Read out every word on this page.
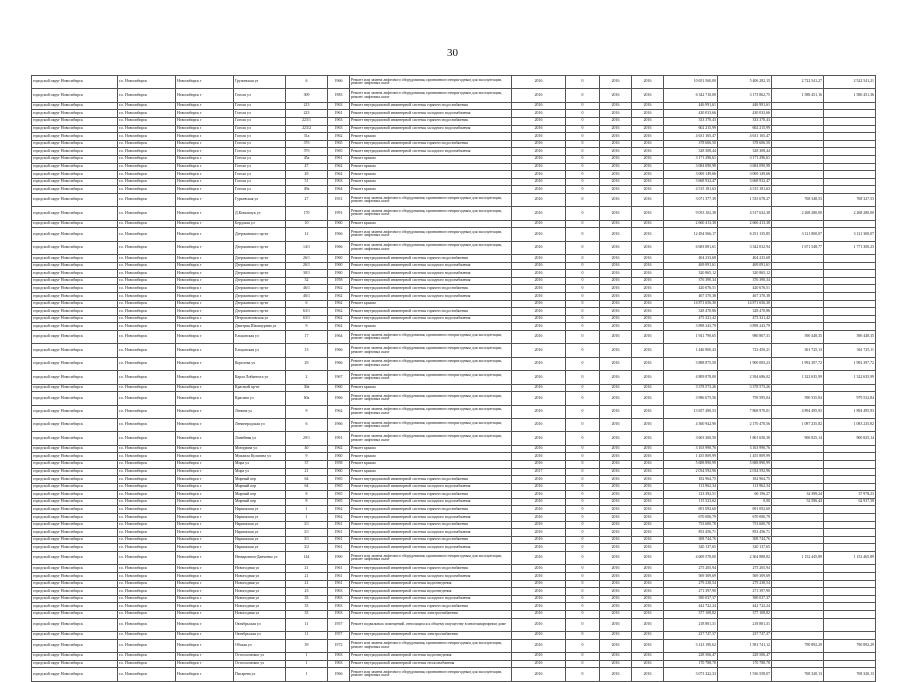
30
городской округ Новосибирск	г.о. Новосибирск	Новосибирск г	Грузинская ул	6	1966	Ремонт или замена лифтового оборудования, признанного непригодным для эксплуатации, ремонт лифтовых шахт	2016	0	2016	2016	10 651 560,00	5 406 282,15	2 722 541,27	2 522 541,21
городской округ Новосибирск	г.о. Новосибирск	Новосибирск г	Гоголя ул	309	1983	Ремонт или замена лифтового оборудования, признанного непригодным для эксплуатации, ремонт лифтовых шахт	2016	0	2016	2016	6 342 710,00	3 173 862,75	1 588 451,16	1 580 451,36
городской округ Новосибирск	г.о. Новосибирск	Новосибирск г	Гоголя ул	213	1963	Ремонт внутридомовой инженерной системы горячего водоснабжения	2016	0	2016	2016	446 991,61	446 991,61		
городской округ Новосибирск	г.о. Новосибирск	Новосибирск г	Гоголя ул	223	1961	Ремонт внутридомовой инженерной системы холодного водоснабжения	2016	0	2016	2016	430 033,66	430 033,66		
городской округ Новосибирск	г.о. Новосибирск	Новосибирск г	Гоголя ул	223/1	1963	Ремонт внутридомовой инженерной системы горячего водоснабжения	2016	0	2016	2016	333 370,43	333 370,43		
городской округ Новосибирск	г.о. Новосибирск	Новосибирск г	Гоголя ул	223/2	1963	Ремонт внутридомовой инженерной системы холодного водоснабжения	2016	0	2016	2016	602 215,99	602 215,99		
городской округ Новосибирск	г.о. Новосибирск	Новосибирск г	Гоголя ул	31а	1962	Ремонт крыши	2016	0	2016	2016	4 631 165,47	4 631 165,47		
городской округ Новосибирск	г.о. Новосибирск	Новосибирск г	Гоголя ул	37б	1965	Ремонт внутридомовой инженерной системы горячего водоснабжения	2016	0	2016	2016	378 606,50	378 606,50		
городской округ Новосибирск	г.о. Новосибирск	Новосибирск г	Гоголя ул	37б	1965	Ремонт внутридомовой инженерной системы холодного водоснабжения	2016	0	2016	2016	328 308,44	328 308,44		
городской округ Новосибирск	г.о. Новосибирск	Новосибирск г	Гоголя ул	45а	1961	Ремонт крыши	2016	0	2016	2016	3 171 296,61	3 171 296,61		
городской округ Новосибирск	г.о. Новосибирск	Новосибирск г	Гоголя ул	47	1962	Ремонт крыши	2016	0	2016	2016	3 684 090,98	3 684 090,98		
городской округ Новосибирск	г.о. Новосибирск	Новосибирск г	Гоголя ул	49	1962	Ремонт крыши	2016	0	2016	2016	3 069 149,66	3 069 149,66		
городской округ Новосибирск	г.о. Новосибирск	Новосибирск г	Гоголя ул	51	1963	Ремонт крыши	2016	0	2016	2016	3 668 932,47	3 668 932,47		
городской округ Новосибирск	г.о. Новосибирск	Новосибирск г	Гоголя ул	49а	1964	Ремонт крыши	2016	0	2016	2016	4 515 181,63	4 515 181,63		
городской округ Новосибирск	г.о. Новосибирск	Новосибирск г	Гурьевская ул	27	1951	Ремонт или замена лифтового оборудования, признанного непригодным для эксплуатации, ремонт лифтовых шахт	2016	0	2016	2016	3 071 377,39	1 535 678,27	768 348,53	768 327,53
городской округ Новосибирск	г.о. Новосибирск	Новосибирск г	Д.Ковальчук ул	170	1991	Ремонт или замена лифтового оборудования, признанного непригодным для эксплуатации, ремонт лифтовых шахт	2016	0	2016	2016	9 053 102,38	4 517 632,38	2 268 280,00	2 268 280,00
городской округ Новосибирск	г.о. Новосибирск	Новосибирск г	Бердская ул	10	1960	Ремонт крыши	2016	0	2016	2016	2 660 413,38	2 660 413,38		
городской округ Новосибирск	г.о. Новосибирск	Новосибирск г	Дзержинского пр-кт	12	1966	Ремонт или замена лифтового оборудования, признанного непригодным для эксплуатации, ремонт лифтовых шахт	2016	0	2016	2016	12 494 566,17	6 251 135,85	3 121 800,07	3 121 300,07
городской округ Новосибирск	г.о. Новосибирск	Новосибирск г	Дзержинского пр-кт	14/1	1966	Ремонт или замена лифтового оборудования, признанного непригодным для эксплуатации, ремонт лифтовых шахт	2016	0	2016	2016	6 683 881,61	3 342 032,94	1 671 548,77	1 771 300,23
городской округ Новосибирск	г.о. Новосибирск	Новосибирск г	Дзержинского пр-кт	26/1	1960	Ремонт внутридомовой инженерной системы горячего водоснабжения	2016	0	2016	2016	404 233,68	404 233,68		
городской округ Новосибирск	г.о. Новосибирск	Новосибирск г	Дзержинского пр-кт	26/1	1960	Ремонт внутридомовой инженерной системы холодного водоснабжения	2016	0	2016	2016	469 091,61	469 091,61		
городской округ Новосибирск	г.о. Новосибирск	Новосибирск г	Дзержинского пр-кт	30/1	1960	Ремонт внутридомовой инженерной системы холодного водоснабжения	2016	0	2016	2016	320 865,12	320 865,12		
городской округ Новосибирск	г.о. Новосибирск	Новосибирск г	Дзержинского пр-кт	32	1958	Ремонт внутридомовой инженерной системы холодного водоснабжения	2016	0	2016	2016	376 390,34	376 390,34		
городской округ Новосибирск	г.о. Новосибирск	Новосибирск г	Дзержинского пр-кт	46/1	1962	Ремонт внутридомовой инженерной системы горячего водоснабжения	2016	0	2016	2016	420 676,51	420 676,51		
городской округ Новосибирск	г.о. Новосибирск	Новосибирск г	Дзержинского пр-кт	46/1	1962	Ремонт внутридомовой инженерной системы холодного водоснабжения	2016	0	2016	2016	467 370,38	467 370,38		
городской округ Новосибирск	г.о. Новосибирск	Новосибирск г	Дзержинского пр-кт	6	1962	Ремонт крыши	2016	0	2016	2016	14 871 656,30	14 871 656,30		
городской округ Новосибирск	г.о. Новосибирск	Новосибирск г	Дзержинского пр-кт	63/1	1962	Ремонт внутридомовой инженерной системы горячего водоснабжения	2016	0	2016	2016	328 470,86	328 470,86		
городской округ Новосибирск	г.о. Новосибирск	Новосибирск г	Петропавловская ул	63/1	1962	Ремонт внутридомовой инженерной системы холодного водоснабжения	2016	0	2016	2016	475 321,42	475 321,42		
городской округ Новосибирск	г.о. Новосибирск	Новосибирск г	Дмитрия Шамшурина ул	9	1962	Ремонт крыши	2016	0	2016	2016	3 898 243,79	3 898 243,79		
городской округ Новосибирск	г.о. Новосибирск	Новосибирск г	Ельцовская ул	17	1964	Ремонт или замена лифтового оборудования, признанного непригодным для эксплуатации, ремонт лифтовых шахт	2016	0	2016	2016	1 941 790,65	980 807,31	390 448,35	390 448,35
городской округ Новосибирск	г.о. Новосибирск	Новосибирск г	Ельцовская ул	13	1966	Ремонт или замена лифтового оборудования, признанного непригодным для эксплуатации, ремонт лифтовых шахт	2016	0	2016	2016	1 446 900,43	723 450,21	361 725,13	361 725,11
городской округ Новосибирск	г.о. Новосибирск	Новосибирск г	Королева ул	29	1966	Ремонт или замена лифтового оборудования, признанного непригодным для эксплуатации, ремонт лифтовых шахт	2016	0	2016	2016	3 888 875,50	1 900 083,23	1 992 397,72	1 992 397,72
городской округ Новосибирск	г.о. Новосибирск	Новосибирск г	Карла Либкнехта ул	2	1967	Ремонт или замена лифтового оборудования, признанного непригодным для эксплуатации, ремонт лифтовых шахт	2016	0	2016	2016	4 809 878,00	2 394 686,02	1 322 635,99	1 322 635,99
городской округ Новосибирск	г.о. Новосибирск	Новосибирск г	Красный пр-кт	30а	1960	Ремонт крыши	2016	0	2016	2016	3 378 573,26	3 378 573,26		
городской округ Новосибирск	г.о. Новосибирск	Новосибирск г	Красина ул	60а	1966	Ремонт или замена лифтового оборудования, признанного непригодным для эксплуатации, ремонт лифтовых шахт	2016	0	2016	2016	3 986 675,56	759 595,04	590 535,84	979 532,84
городской округ Новосибирск	г.о. Новосибирск	Новосибирск г	Ленина ул	9	1962	Ремонт или замена лифтового оборудования, признанного непригодным для эксплуатации, ремонт лифтовых шахт	2016	0	2016	2016	13 657 490,53	7 868 970,01	4 894 495,93	1 894 495,93
городской округ Новосибирск	г.о. Новосибирск	Новосибирск г	Ленинградская ул	6	1966	Ремонт или замена лифтового оборудования, признанного непригодным для эксплуатации, ремонт лифтовых шахт	2016	0	2016	2016	4 360 942,90	2 170 470,56	1 087 235,82	1 083 235,82
городской округ Новосибирск	г.о. Новосибирск	Новосибирск г	Линейная ул	29/1	1991	Ремонт или замена лифтового оборудования, признанного непригодным для эксплуатации, ремонт лифтовых шахт	2016	0	2016	2016	3 603 300,50	1 801 650,38	900 825,14	900 825,14
городской округ Новосибирск	г.о. Новосибирск	Новосибирск г	Мичурина ул	40	1962	Ремонт крыши	2016	0	2016	2016	3 163 990,76	3 163 990,76		
городской округ Новосибирск	г.о. Новосибирск	Новосибирск г	Михаила Кулагина ул	9	1960	Ремонт крыши	2016	0	2016	2016	1 455 809,99	1 455 809,99		
городской округ Новосибирск	г.о. Новосибирск	Новосибирск г	Мира ул	37	1958	Ремонт крыши	2016	0	2016	2016	5 688 890,99	5 688 890,99		
городской округ Новосибирск	г.о. Новосибирск	Новосибирск г	Мира ул	21	1960	Ремонт крыши	2017	0	2016	2016	2 034 592,96	2 034 592,96		
городской округ Новосибирск	г.о. Новосибирск	Новосибирск г	Мирный пер	64	1965	Ремонт внутридомовой инженерной системы горячего водоснабжения	2016	0	2016	2016	182 964,75	182 964,75		
городской округ Новосибирск	г.о. Новосибирск	Новосибирск г	Мирный пер	64	1965	Ремонт внутридомовой инженерной системы холодного водоснабжения	2016	0	2016	2016	113 962,34	113 962,34		
городской округ Новосибирск	г.о. Новосибирск	Новосибирск г	Мирный пер	8	1965	Ремонт внутридомовой инженерной системы горячего водоснабжения	2016	0	2016	2016	123 392,51	60 196,27	32 398,24	37 978,23
городской округ Новосибирск	г.о. Новосибирск	Новосибирск г	Мирный пер	8	1965	Ремонт внутридомовой инженерной системы холодного водоснабжения	2016	0	2016	2016	115 523,62	0,00	52 586,44	62 937,58
городской округ Новосибирск	г.о. Новосибирск	Новосибирск г	Нарымская ул	1	1962	Ремонт внутридомовой инженерной системы горячего водоснабжения	2016	0	2016	2016	691 092,60	691 092,60		
городской округ Новосибирск	г.о. Новосибирск	Новосибирск г	Нарымская ул	1	1962	Ремонт внутридомовой инженерной системы холодного водоснабжения	2016	0	2016	2016	670 006,79	670 006,79		
городской округ Новосибирск	г.о. Новосибирск	Новосибирск г	Нарымская ул	3/1	1961	Ремонт внутридомовой инженерной системы горячего водоснабжения	2016	0	2016	2016	753 600,78	753 600,78		
городской округ Новосибирск	г.о. Новосибирск	Новосибирск г	Нарымская ул	3/1	1961	Ремонт внутридомовой инженерной системы холодного водоснабжения	2016	0	2016	2016	853 456,71	853 456,71		
городской округ Новосибирск	г.о. Новосибирск	Новосибирск г	Нарымская ул	3/1	1961	Ремонт внутридомовой инженерной системы горячего водоснабжения	2016	0	2016	2016	308 744,76	308 744,76		
городской округ Новосибирск	г.о. Новосибирск	Новосибирск г	Нарымская ул	3/2	1961	Ремонт внутридомовой инженерной системы холодного водоснабжения	2016	0	2016	2016	320 137,65	320 137,65		
городской округ Новосибирск	г.о. Новосибирск	Новосибирск г	Немировича-Данченко ул	144	1990	Ремонт или замена лифтового оборудования, признанного непригодным для эксплуатации, ремонт лифтовых шахт	2016	0	2016	2016	4 609 578,00	2 304 888,82	1 152 445,89	1 152 465,89
городской округ Новосибирск	г.о. Новосибирск	Новосибирск г	Новогодняя ул	21	1961	Ремонт внутридомовой инженерной системы горячего водоснабжения	2016	0	2016	2016	275 205,94	275 205,94		
городской округ Новосибирск	г.о. Новосибирск	Новосибирск г	Новогодняя ул	21	1961	Ремонт внутридомовой инженерной системы холодного водоснабжения	2016	0	2016	2016	569 309,69	569 309,69		
городской округ Новосибирск	г.о. Новосибирск	Новосибирск г	Новогодняя ул	21	1961	Ремонт внутридомовой инженерной системы водоотведения	2016	0	2016	2016	279 238,54	279 238,54		
городской округ Новосибирск	г.о. Новосибирск	Новосибирск г	Новогодняя ул	23	1963	Ремонт внутридомовой инженерной системы водоотведения	2016	0	2016	2016	271 397,90	271 397,90		
городской округ Новосибирск	г.о. Новосибирск	Новосибирск г	Новогодняя ул	35	1963	Ремонт внутридомовой инженерной системы холодного водоснабжения	2016	0	2016	2016	390 037,37	390 037,37		
городской округ Новосибирск	г.о. Новосибирск	Новосибирск г	Новогодняя ул	35	1963	Ремонт внутридомовой инженерной системы горячего водоснабжения	2016	0	2016	2016	442 722,24	442 722,24		
городской округ Новосибирск	г.о. Новосибирск	Новосибирск г	Новогодняя ул	35	1963	Ремонт внутридомовой инженерной системы электроснабжения	2016	0	2016	2016	377 108,82	377 108,82		
городской округ Новосибирск	г.о. Новосибирск	Новосибирск г	Октябрьская ул	11	1957	Ремонт подвальных помещений, относящихся к общему имуществу в многоквартирном доме	2016	0	2016	2016	218 881,31	218 881,31		
городской округ Новосибирск	г.о. Новосибирск	Новосибирск г	Октябрьская ул	11	1957	Ремонт внутридомовой инженерной системы электроснабжения	2016	0	2016	2016	237 747,37	237 747,37		
городской округ Новосибирск	г.о. Новосибирск	Новосибирск г	Обская ул	39	1972	Ремонт или замена лифтового оборудования, признанного непригодным для эксплуатации, ремонт лифтовых шахт	2016	0	2016	2016	3 123 190,62	1 581 741,12	790 892,29	790 892,29
городской округ Новосибирск	г.о. Новосибирск	Новосибирск г	Остоохооюкоп ул	1	1963	Ремонт внутридомовой инженерной системы водоотведения	2016	0	2016	2016	228 506,47	228 506,47		
городской округ Новосибирск	г.о. Новосибирск	Новосибирск г	Остоохооюкоп ул	1	1963	Ремонт внутридомовой инженерной системы теплоснабжения	2016	0	2016	2016	170 788,78	170 788,78		
городской округ Новосибирск	г.о. Новосибирск	Новосибирск г	Писарева ул	1	1966	Ремонт или замена лифтового оборудования, признанного непригодным для эксплуатации, ремонт лифтовых шахт	2016	0	2016	2016	3 073 322,33	1 536 558,07	768 320,13	768 320,13
